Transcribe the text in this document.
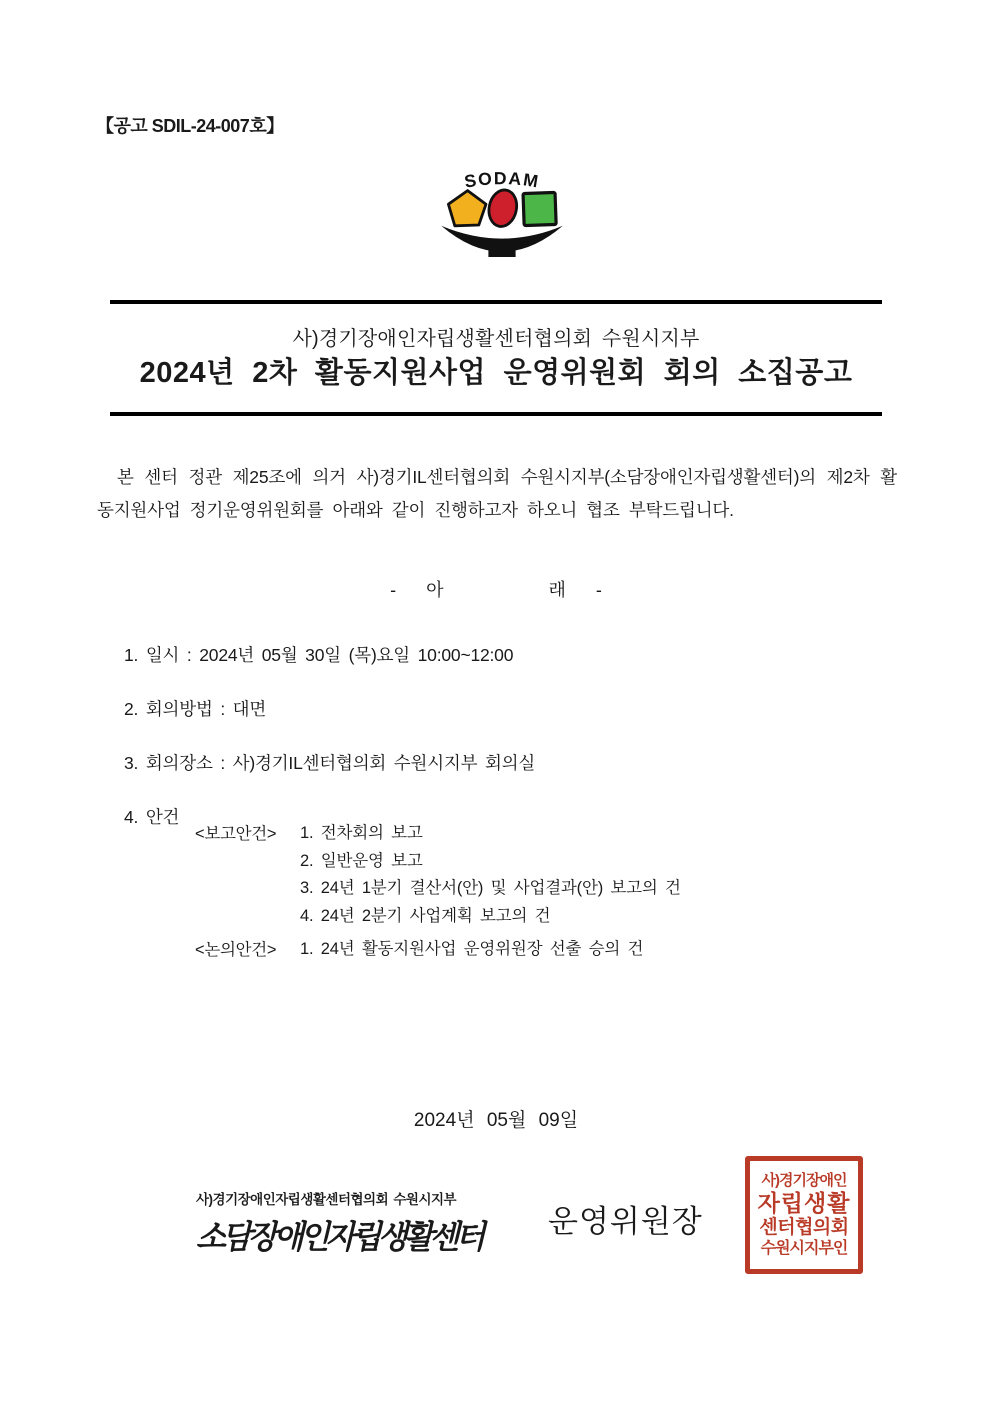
【공고 SDIL-24-007호】
SODAM
사)경기장애인자립생활센터협의회 수원시지부
2024년 2차 활동지원사업 운영위원회 회의 소집공고

본 센터 정관 제25조에 의거 사)경기IL센터협의회 수원시지부(소담장애인자립생활센터)의 제2차 활동지원사업 정기운영위원회를 아래와 같이 진행하고자 하오니 협조 부탁드립니다.

-      아                     래      -
1. 일시 : 2024년 05월 30일 (목)요일 10:00~12:00
2. 회의방법 : 대면
3. 회의장소 : 사)경기IL센터협의회 수원시지부 회의실
4. 안건
<보고안건> 1. 전차회의 보고
2. 일반운영 보고
3. 24년 1분기 결산서(안) 및 사업결과(안) 보고의 건
4. 24년 2분기 사업계획 보고의 건
<논의안건> 1. 24년 활동지원사업 운영위원장 선출 승의 건
2024년 05월 09일
사)경기장애인자립생활센터협의회 수원시지부
소담장애인자립생활센터	운영위원장
사)경기장애인
자립생활
센터협의회
수원시지부인
